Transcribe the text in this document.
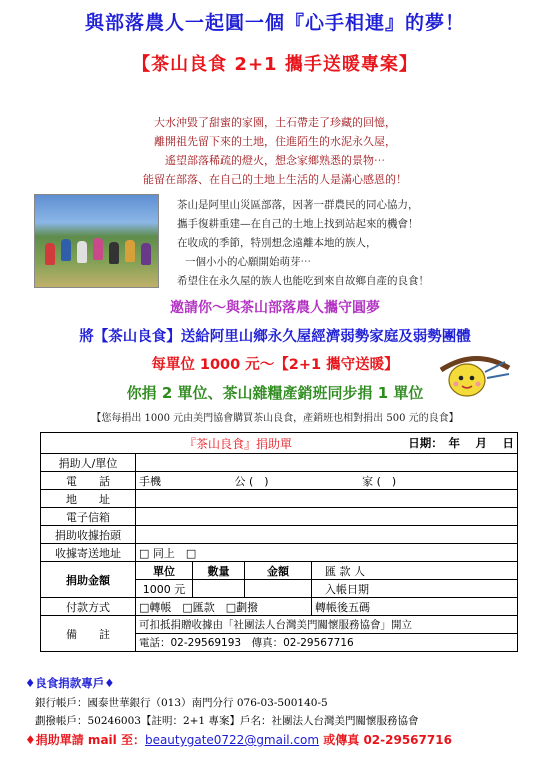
與部落農人一起圓一個『心手相連』的夢！
【茶山良食 2+1 攜手送暖專案】
大水沖毀了甜蜜的家園，土石帶走了珍藏的回憶，
離開祖先留下來的土地，住進陌生的水泥永久屋，
遙望部落稀疏的燈火，想念家鄉熟悉的景物⋯
能留在部落、在自己的土地上生活的人是滿心感恩的！
茶山是阿里山災區部落，因著一群農民的同心協力，
攜手復耕重建—在自己的土地上找到站起來的機會！
在收成的季節，特別想念遠離本地的族人，
一個小小的心願開始萌芽⋯
希望住在永久屋的族人也能吃到來自故鄉自產的良食！
邀請你～與茶山部落農人攜守圓夢
將【茶山良食】送給阿里山鄉永久屋經濟弱勢家庭及弱勢團體
每單位 1000 元～【2+1 攜守送暖】
你捐 2 單位、茶山雜糧產銷班同步捐 1 單位
【您每捐出 1000 元由美門協會購買茶山良食，產銷班也相對捐出 500 元的良食】
『茶山良食』捐助單 日期：　年　 月　 日				

捐助人/單位				
電　　話	手機 公 (　) 家 (　)			
地　　址				
電子信箱				
捐助收據抬頭				
收據寄送地址	□ 同上　□			
捐助金額	單位	數量	金額	匯 款 人
	1000 元			入帳日期
付款方式	□轉帳　□匯款　□劃撥			轉帳後五碼
備　　註	可扣抵捐贈收據由「社團法人台灣美門關懷服務協會」開立			
	電話：02-29569193　傳真：02-29567716			
♦良食捐款專戶♦
銀行帳戶：國泰世華銀行（013）南門分行 076-03-500140-5
劃撥帳戶：50246003【註明：2+1 專案】戶名：社團法人台灣美門關懷服務協會
♦捐助單請 mail 至：beautygate0722@gmail.com 或傳真 02-29567716
